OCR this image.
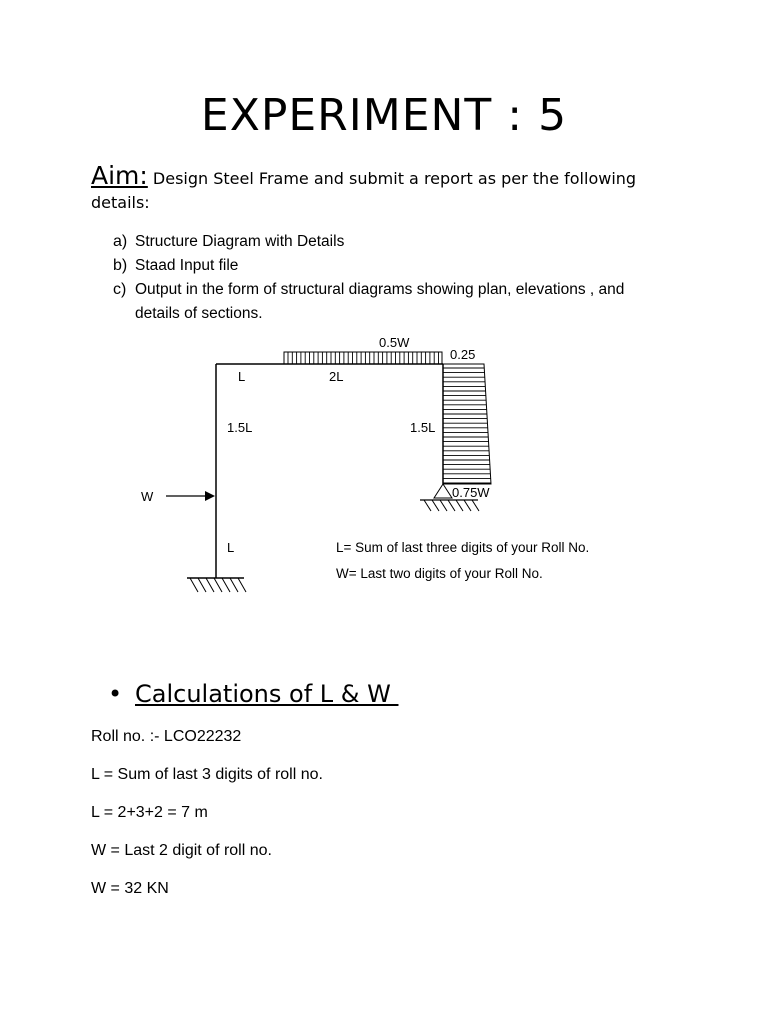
EXPERIMENT : 5
Aim: Design Steel Frame and submit a report as per the following details:
a) Structure Diagram with Details
b) Staad Input file
c) Output in the form of structural diagrams showing plan, elevations , and details of sections.
0.5W
0.25
L	2L
1.5L	1.5L
0.75W
W
L	L= Sum of last three digits of your Roll No.
W= Last two digits of your Roll No.
• Calculations of L & W
Roll no. :- LCO22232
L = Sum of last 3 digits of roll no.
L = 2+3+2 = 7 m
W = Last 2 digit of roll no.
W = 32 KN
